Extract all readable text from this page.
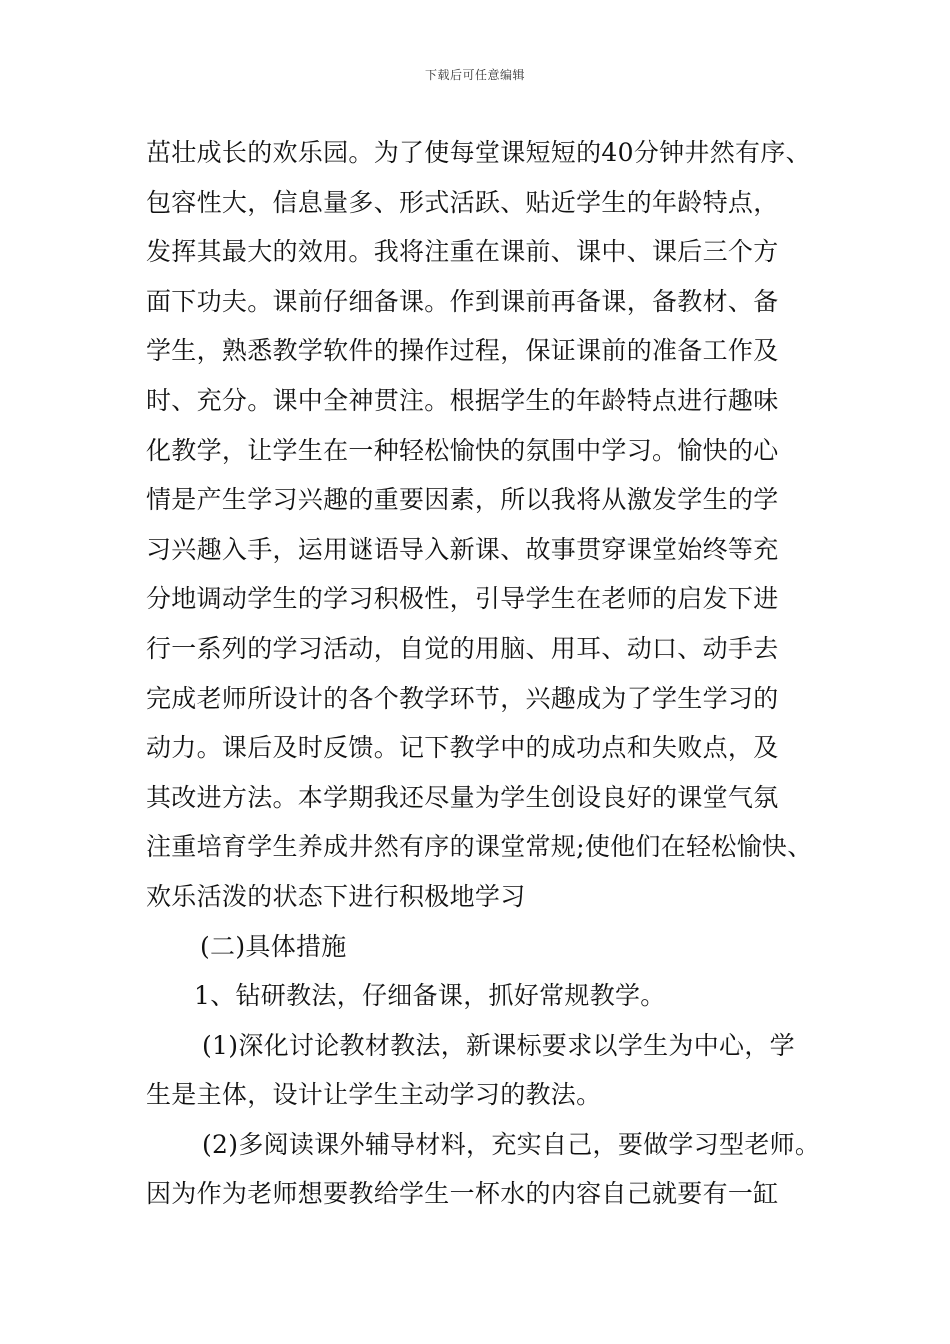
下载后可任意编辑
茁壮成长的欢乐园。为了使每堂课短短的40分钟井然有序、
包容性大，信息量多、形式活跃、贴近学生的年龄特点，
发挥其最大的效用。我将注重在课前、课中、课后三个方
面下功夫。课前仔细备课。作到课前再备课，备教材、备
学生，熟悉教学软件的操作过程，保证课前的准备工作及
时、充分。课中全神贯注。根据学生的年龄特点进行趣味
化教学，让学生在一种轻松愉快的氛围中学习。愉快的心
情是产生学习兴趣的重要因素，所以我将从激发学生的学
习兴趣入手，运用谜语导入新课、故事贯穿课堂始终等充
分地调动学生的学习积极性，引导学生在老师的启发下进
行一系列的学习活动，自觉的用脑、用耳、动口、动手去
完成老师所设计的各个教学环节，兴趣成为了学生学习的
动力。课后及时反馈。记下教学中的成功点和失败点，及
其改进方法。本学期我还尽量为学生创设良好的课堂气氛
注重培育学生养成井然有序的课堂常规;使他们在轻松愉快、
欢乐活泼的状态下进行积极地学习
(二)具体措施
1、钻研教法，仔细备课，抓好常规教学。
(1)深化讨论教材教法，新课标要求以学生为中心，学
生是主体，设计让学生主动学习的教法。
(2)多阅读课外辅导材料，充实自己，要做学习型老师。
因为作为老师想要教给学生一杯水的内容自己就要有一缸
